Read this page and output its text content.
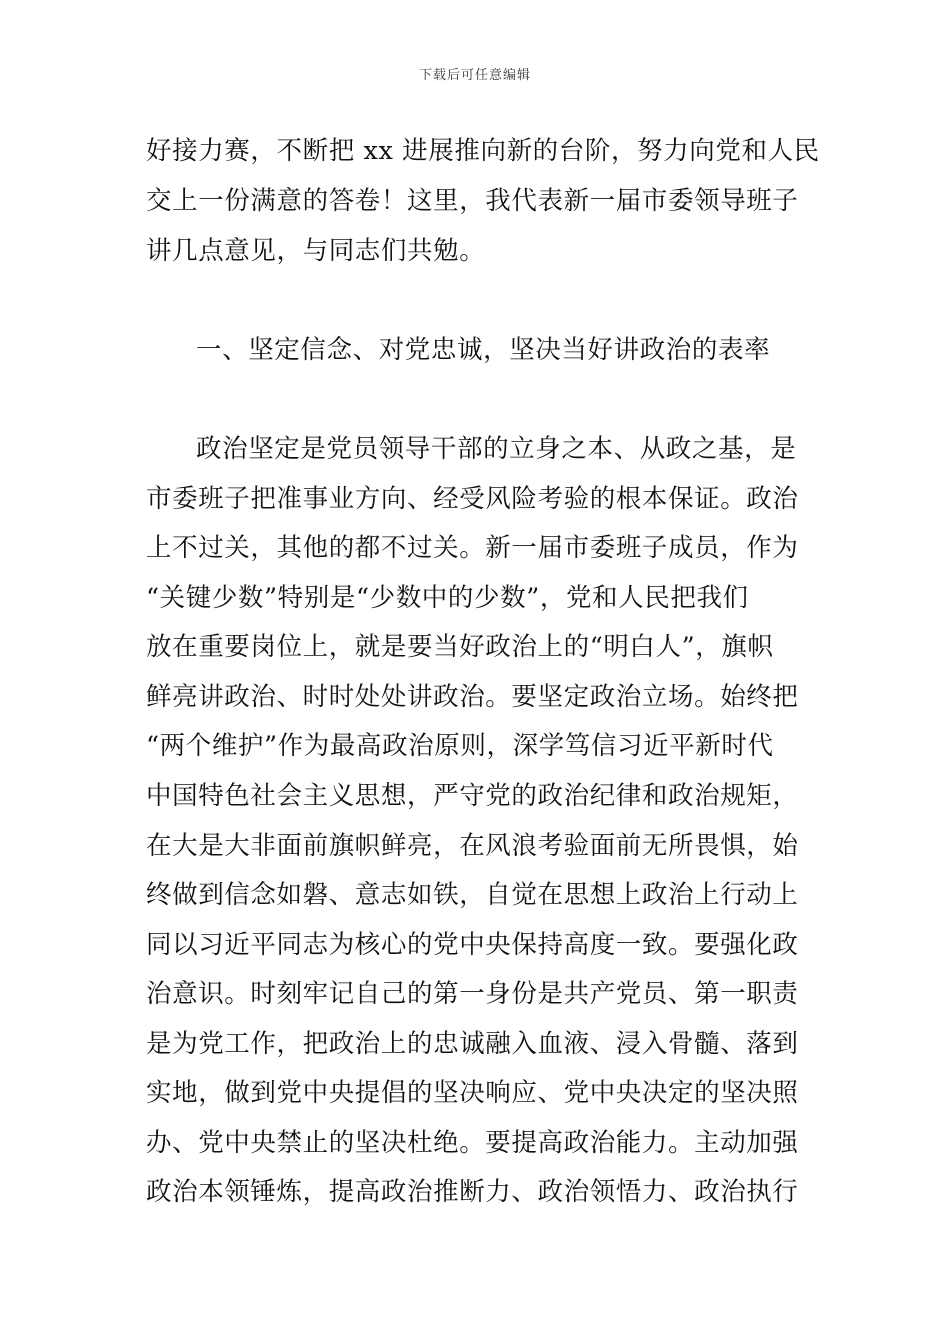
下载后可任意编辑
好接力赛，不断把 xx 进展推向新的台阶，努力向党和人民
交上一份满意的答卷！这里，我代表新一届市委领导班子
讲几点意见，与同志们共勉。
一、坚定信念、对党忠诚，坚决当好讲政治的表率
政治坚定是党员领导干部的立身之本、从政之基，是
市委班子把准事业方向、经受风险考验的根本保证。政治
上不过关，其他的都不过关。新一届市委班子成员，作为
“关键少数”特别是“少数中的少数”，党和人民把我们
放在重要岗位上，就是要当好政治上的“明白人”，旗帜
鲜亮讲政治、时时处处讲政治。要坚定政治立场。始终把
“两个维护”作为最高政治原则，深学笃信习近平新时代
中国特色社会主义思想，严守党的政治纪律和政治规矩，
在大是大非面前旗帜鲜亮，在风浪考验面前无所畏惧，始
终做到信念如磐、意志如铁，自觉在思想上政治上行动上
同以习近平同志为核心的党中央保持高度一致。要强化政
治意识。时刻牢记自己的第一身份是共产党员、第一职责
是为党工作，把政治上的忠诚融入血液、浸入骨髓、落到
实地，做到党中央提倡的坚决响应、党中央决定的坚决照
办、党中央禁止的坚决杜绝。要提高政治能力。主动加强
政治本领锤炼，提高政治推断力、政治领悟力、政治执行
